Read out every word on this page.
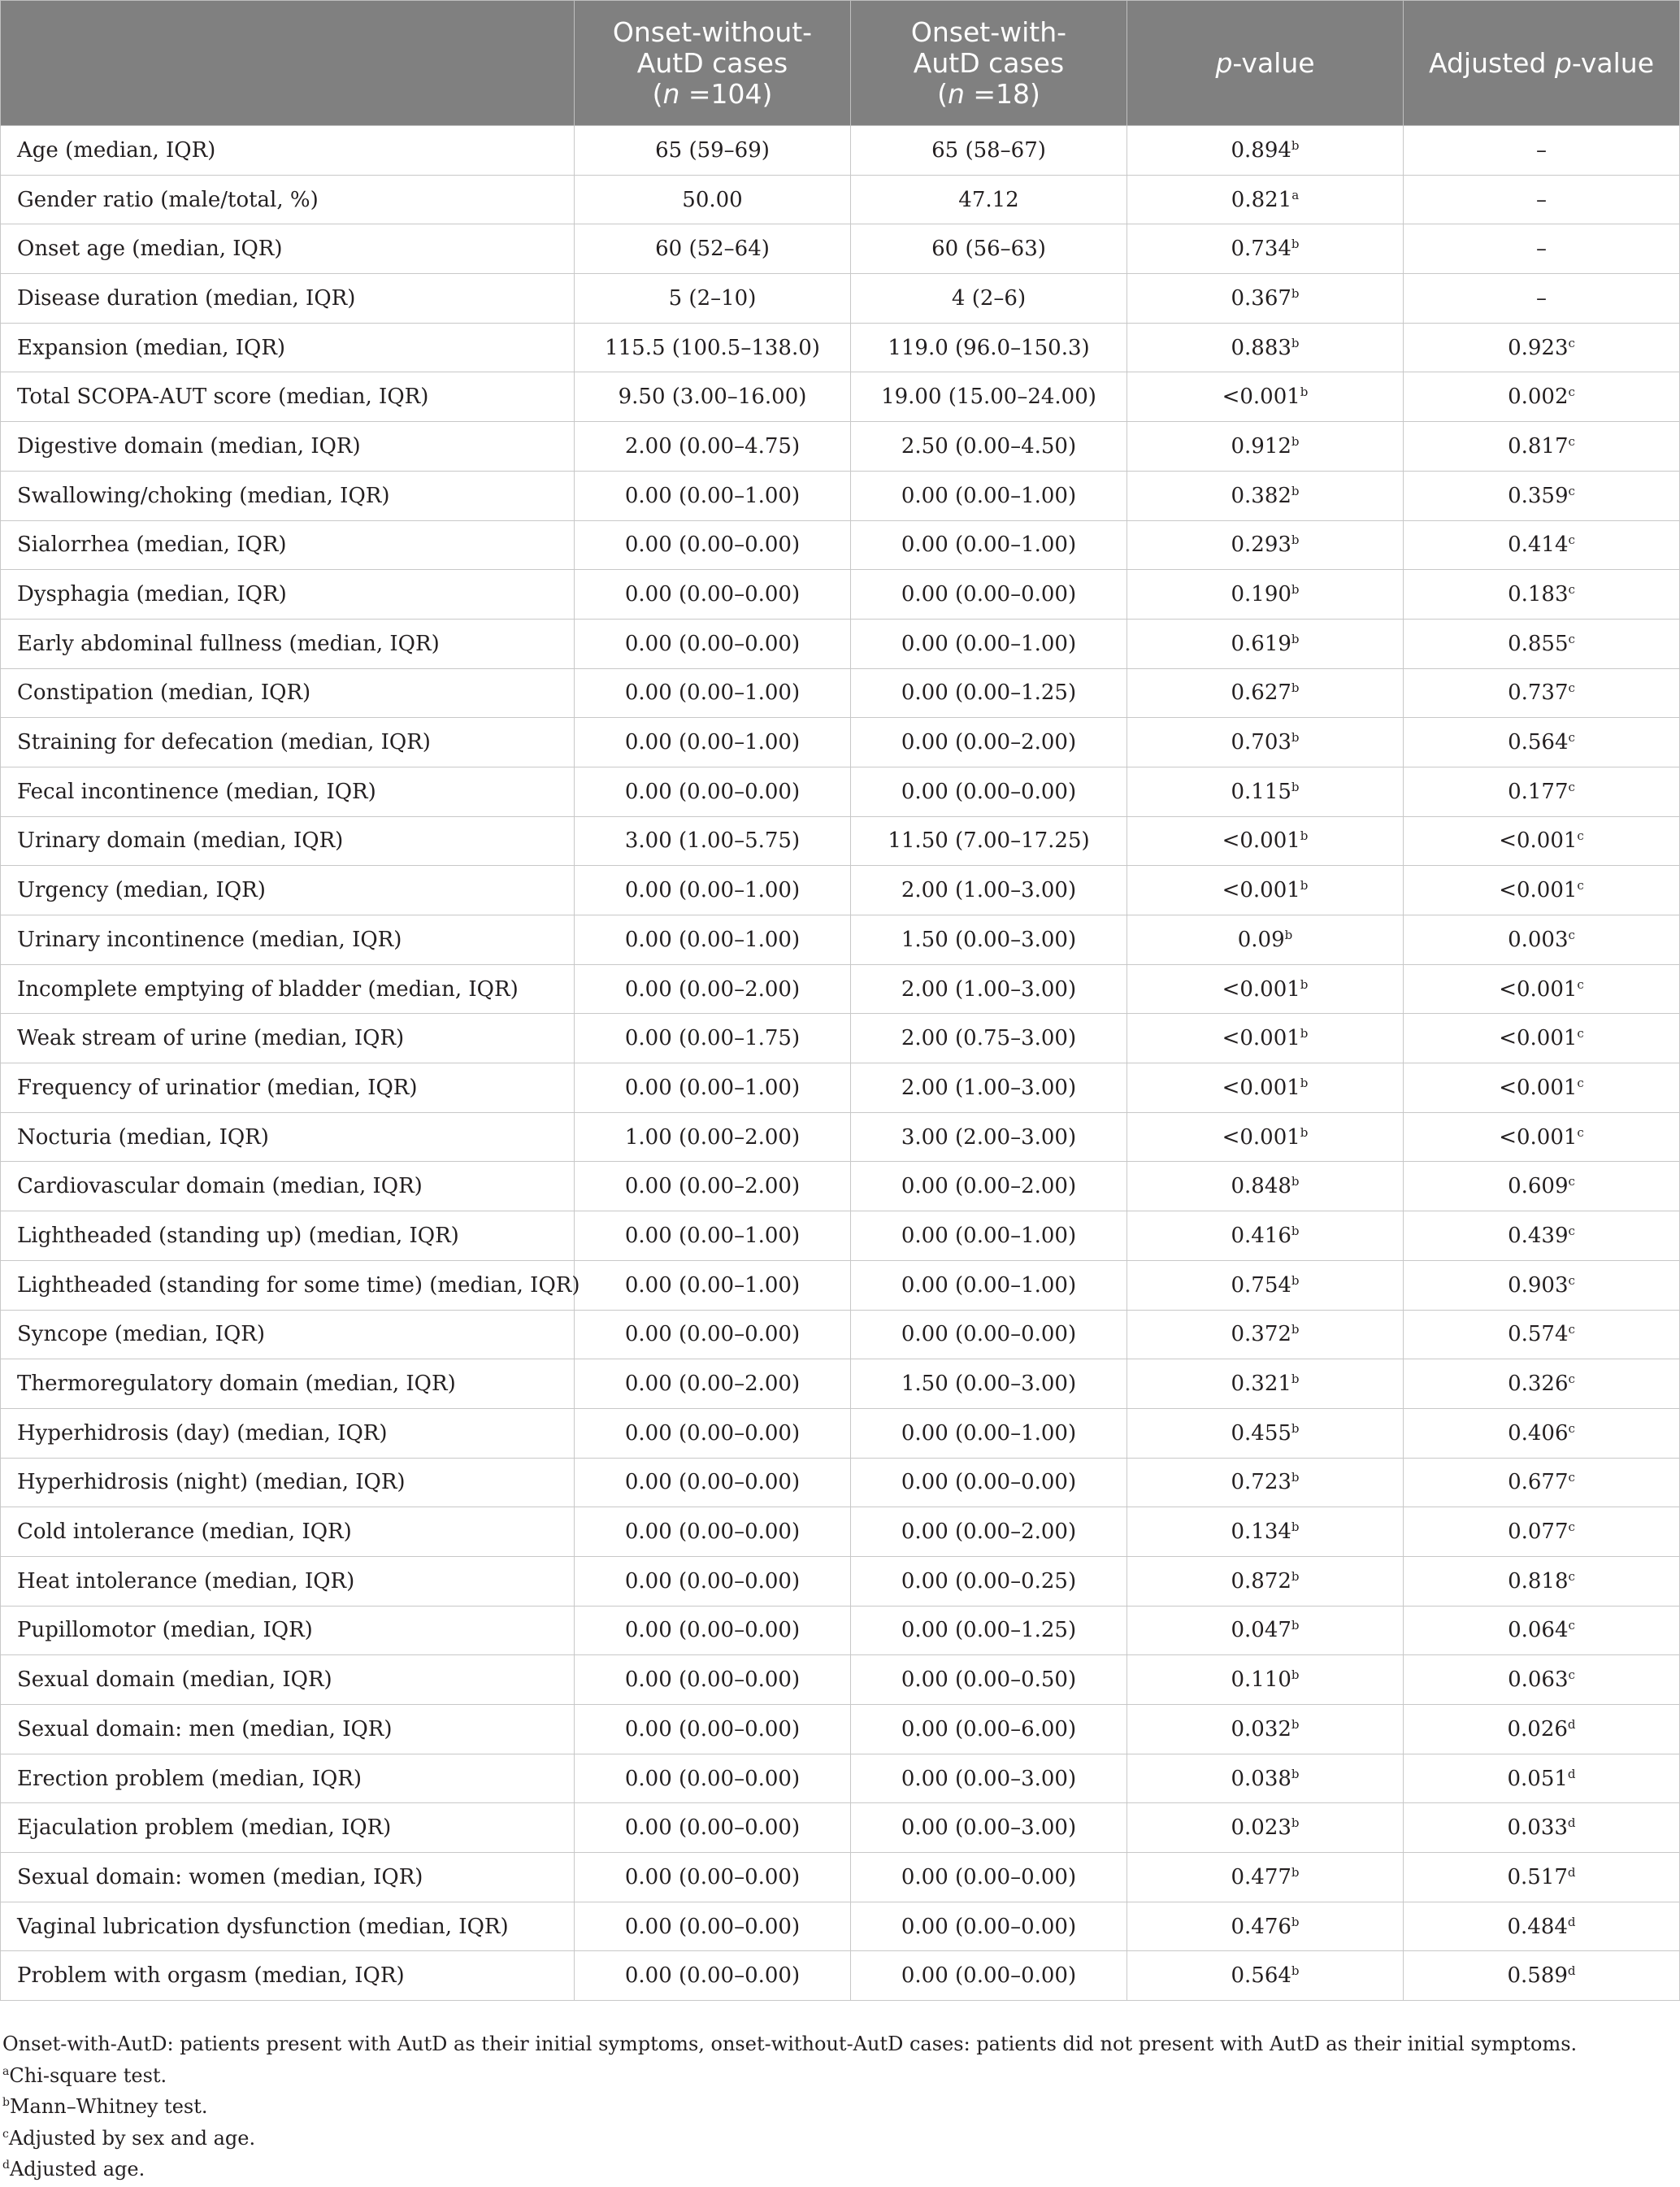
	Onset-without-
AutD cases
(n =104)	Onset-with-
AutD cases
(n =18)	p-value	Adjusted p-value
Age (median, IQR)	65 (59–69)	65 (58–67)	0.894$^b$	–
Gender ratio (male/total, %)	50.00	47.12	0.821$^a$	–
Onset age (median, IQR)	60 (52–64)	60 (56–63)	0.734$^b$	–
Disease duration (median, IQR)	5 (2–10)	4 (2–6)	0.367$^b$	–
Expansion (median, IQR)	115.5 (100.5–138.0)	119.0 (96.0–150.3)	0.883$^b$	0.923$^c$
Total SCOPA-AUT score (median, IQR)	9.50 (3.00–16.00)	19.00 (15.00–24.00)	<0.001$^b$	0.002$^c$
Digestive domain (median, IQR)	2.00 (0.00–4.75)	2.50 (0.00–4.50)	0.912$^b$	0.817$^c$
Swallowing/choking (median, IQR)	0.00 (0.00–1.00)	0.00 (0.00–1.00)	0.382$^b$	0.359$^c$
Sialorrhea (median, IQR)	0.00 (0.00–0.00)	0.00 (0.00–1.00)	0.293$^b$	0.414$^c$
Dysphagia (median, IQR)	0.00 (0.00–0.00)	0.00 (0.00–0.00)	0.190$^b$	0.183$^c$
Early abdominal fullness (median, IQR)	0.00 (0.00–0.00)	0.00 (0.00–1.00)	0.619$^b$	0.855$^c$
Constipation (median, IQR)	0.00 (0.00–1.00)	0.00 (0.00–1.25)	0.627$^b$	0.737$^c$
Straining for defecation (median, IQR)	0.00 (0.00–1.00)	0.00 (0.00–2.00)	0.703$^b$	0.564$^c$
Fecal incontinence (median, IQR)	0.00 (0.00–0.00)	0.00 (0.00–0.00)	0.115$^b$	0.177$^c$
Urinary domain (median, IQR)	3.00 (1.00–5.75)	11.50 (7.00–17.25)	<0.001$^b$	<0.001$^c$
Urgency (median, IQR)	0.00 (0.00–1.00)	2.00 (1.00–3.00)	<0.001$^b$	<0.001$^c$
Urinary incontinence (median, IQR)	0.00 (0.00–1.00)	1.50 (0.00–3.00)	0.09$^b$	0.003$^c$
Incomplete emptying of bladder (median, IQR)	0.00 (0.00–2.00)	2.00 (1.00–3.00)	<0.001$^b$	<0.001$^c$
Weak stream of urine (median, IQR)	0.00 (0.00–1.75)	2.00 (0.75–3.00)	<0.001$^b$	<0.001$^c$
Frequency of urinatior (median, IQR)	0.00 (0.00–1.00)	2.00 (1.00–3.00)	<0.001$^b$	<0.001$^c$
Nocturia (median, IQR)	1.00 (0.00–2.00)	3.00 (2.00–3.00)	<0.001$^b$	<0.001$^c$
Cardiovascular domain (median, IQR)	0.00 (0.00–2.00)	0.00 (0.00–2.00)	0.848$^b$	0.609$^c$
Lightheaded (standing up) (median, IQR)	0.00 (0.00–1.00)	0.00 (0.00–1.00)	0.416$^b$	0.439$^c$
Lightheaded (standing for some time) (median, IQR)	0.00 (0.00–1.00)	0.00 (0.00–1.00)	0.754$^b$	0.903$^c$
Syncope (median, IQR)	0.00 (0.00–0.00)	0.00 (0.00–0.00)	0.372$^b$	0.574$^c$
Thermoregulatory domain (median, IQR)	0.00 (0.00–2.00)	1.50 (0.00–3.00)	0.321$^b$	0.326$^c$
Hyperhidrosis (day) (median, IQR)	0.00 (0.00–0.00)	0.00 (0.00–1.00)	0.455$^b$	0.406$^c$
Hyperhidrosis (night) (median, IQR)	0.00 (0.00–0.00)	0.00 (0.00–0.00)	0.723$^b$	0.677$^c$
Cold intolerance (median, IQR)	0.00 (0.00–0.00)	0.00 (0.00–2.00)	0.134$^b$	0.077$^c$
Heat intolerance (median, IQR)	0.00 (0.00–0.00)	0.00 (0.00–0.25)	0.872$^b$	0.818$^c$
Pupillomotor (median, IQR)	0.00 (0.00–0.00)	0.00 (0.00–1.25)	0.047$^b$	0.064$^c$
Sexual domain (median, IQR)	0.00 (0.00–0.00)	0.00 (0.00–0.50)	0.110$^b$	0.063$^c$
Sexual domain: men (median, IQR)	0.00 (0.00–0.00)	0.00 (0.00–6.00)	0.032$^b$	0.026$^d$
Erection problem (median, IQR)	0.00 (0.00–0.00)	0.00 (0.00–3.00)	0.038$^b$	0.051$^d$
Ejaculation problem (median, IQR)	0.00 (0.00–0.00)	0.00 (0.00–3.00)	0.023$^b$	0.033$^d$
Sexual domain: women (median, IQR)	0.00 (0.00–0.00)	0.00 (0.00–0.00)	0.477$^b$	0.517$^d$
Vaginal lubrication dysfunction (median, IQR)	0.00 (0.00–0.00)	0.00 (0.00–0.00)	0.476$^b$	0.484$^d$
Problem with orgasm (median, IQR)	0.00 (0.00–0.00)	0.00 (0.00–0.00)	0.564$^b$	0.589$^d$
Onset-with-AutD: patients present with AutD as their initial symptoms, onset-without-AutD cases: patients did not present with AutD as their initial symptoms.
$^a$Chi-square test.
$^b$Mann–Whitney test.
$^c$Adjusted by sex and age.
$^d$Adjusted age.
